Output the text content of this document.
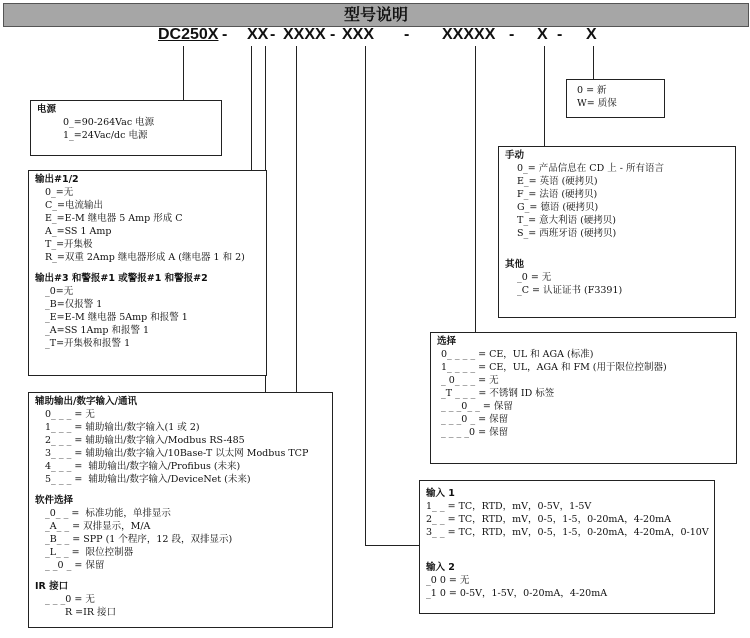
型号说明
DC250X - XX - XXXX - XXX - XXXXX - X - X
电源
0_=90-264Vac 电源
1_=24Vac/dc 电源
输出#1/2
0_=无
C_=电流输出
E_=E-M 继电器 5 Amp 形成 C
A_=SS 1 Amp
T_=开集极
R_=双重 2Amp 继电器形成 A (继电器 1 和 2)
输出#3 和警报#1 或警报#1 和警报#2
_0=无
_B=仅报警 1
_E=E-M 继电器 5Amp 和报警 1
_A=SS 1Amp 和报警 1
_T=开集极和报警 1
辅助输出/数字输入/通讯
0_ _ _ = 无
1_ _ _ = 辅助输出/数字输入(1 或 2)
2_ _ _ = 辅助输出/数字输入/Modbus RS-485
3_ _ _ = 辅助输出/数字输入/10Base-T 以太网 Modbus TCP
4_ _ _ =  辅助输出/数字输入/Profibus (未来)
5_ _ _ =  辅助输出/数字输入/DeviceNet (未来)
软件选择
_0_ _ =  标准功能，单排显示
_A_ _ = 双排显示，M/A
_B_ _ = SPP (1 个程序，12 段，双排显示)
_L_ _ =  限位控制器
_ _0 _ = 保留
IR 接口
_ _ _0 = 无
R =IR 接口
输入 1
1_ _ = TC，RTD，mV，0-5V，1-5V
2_ _ = TC，RTD，mV，0-5，1-5，0-20mA，4-20mA
3_ _ = TC，RTD，mV，0-5，1-5，0-20mA，4-20mA，0-10V
输入 2
_0 0 = 无
_1 0 = 0-5V，1-5V，0-20mA，4-20mA
选择
0_ _ _ _ = CE，UL 和 AGA (标准)
1_ _ _ _ = CE，UL，AGA 和 FM (用于限位控制器)
_ 0_ _ _ = 无
_T _ _ _ = 不锈钢 ID 标签
_ _ _0_ _ = 保留
_ _ _0 _ = 保留
_ _ _ _0 = 保留
手动
0_= 产品信息在 CD 上 - 所有语言
E_= 英语 (硬拷贝)
F_= 法语 (硬拷贝)
G_= 德语 (硬拷贝)
T_= 意大利语 (硬拷贝)
S_= 西班牙语 (硬拷贝)
其他
_0 = 无
_C = 认证证书 (F3391)
0 = 新
W= 质保
